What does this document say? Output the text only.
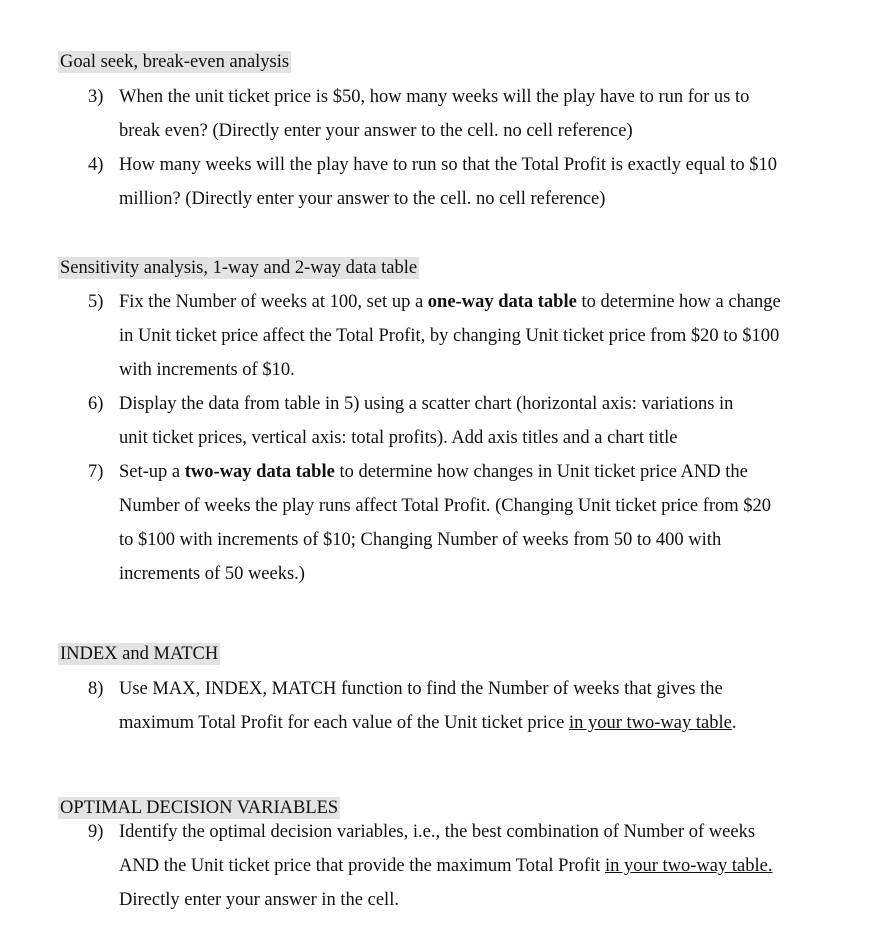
Goal seek, break-even analysis
3) When the unit ticket price is $50, how many weeks will the play have to run for us to
break even? (Directly enter your answer to the cell. no cell reference)
4) How many weeks will the play have to run so that the Total Profit is exactly equal to $10
million? (Directly enter your answer to the cell. no cell reference)
Sensitivity analysis, 1-way and 2-way data table
5) Fix the Number of weeks at 100, set up a one-way data table to determine how a change
in Unit ticket price affect the Total Profit, by changing Unit ticket price from $20 to $100
with increments of $10.
6) Display the data from table in 5) using a scatter chart (horizontal axis: variations in
unit ticket prices, vertical axis: total profits). Add axis titles and a chart title
7) Set-up a two-way data table to determine how changes in Unit ticket price AND the
Number of weeks the play runs affect Total Profit. (Changing Unit ticket price from $20
to $100 with increments of $10; Changing Number of weeks from 50 to 400 with
increments of 50 weeks.)
INDEX and MATCH
8) Use MAX, INDEX, MATCH function to find the Number of weeks that gives the
maximum Total Profit for each value of the Unit ticket price in your two-way table.
OPTIMAL DECISION VARIABLES
9) Identify the optimal decision variables, i.e., the best combination of Number of weeks
AND the Unit ticket price that provide the maximum Total Profit in your two-way table.
Directly enter your answer in the cell.
